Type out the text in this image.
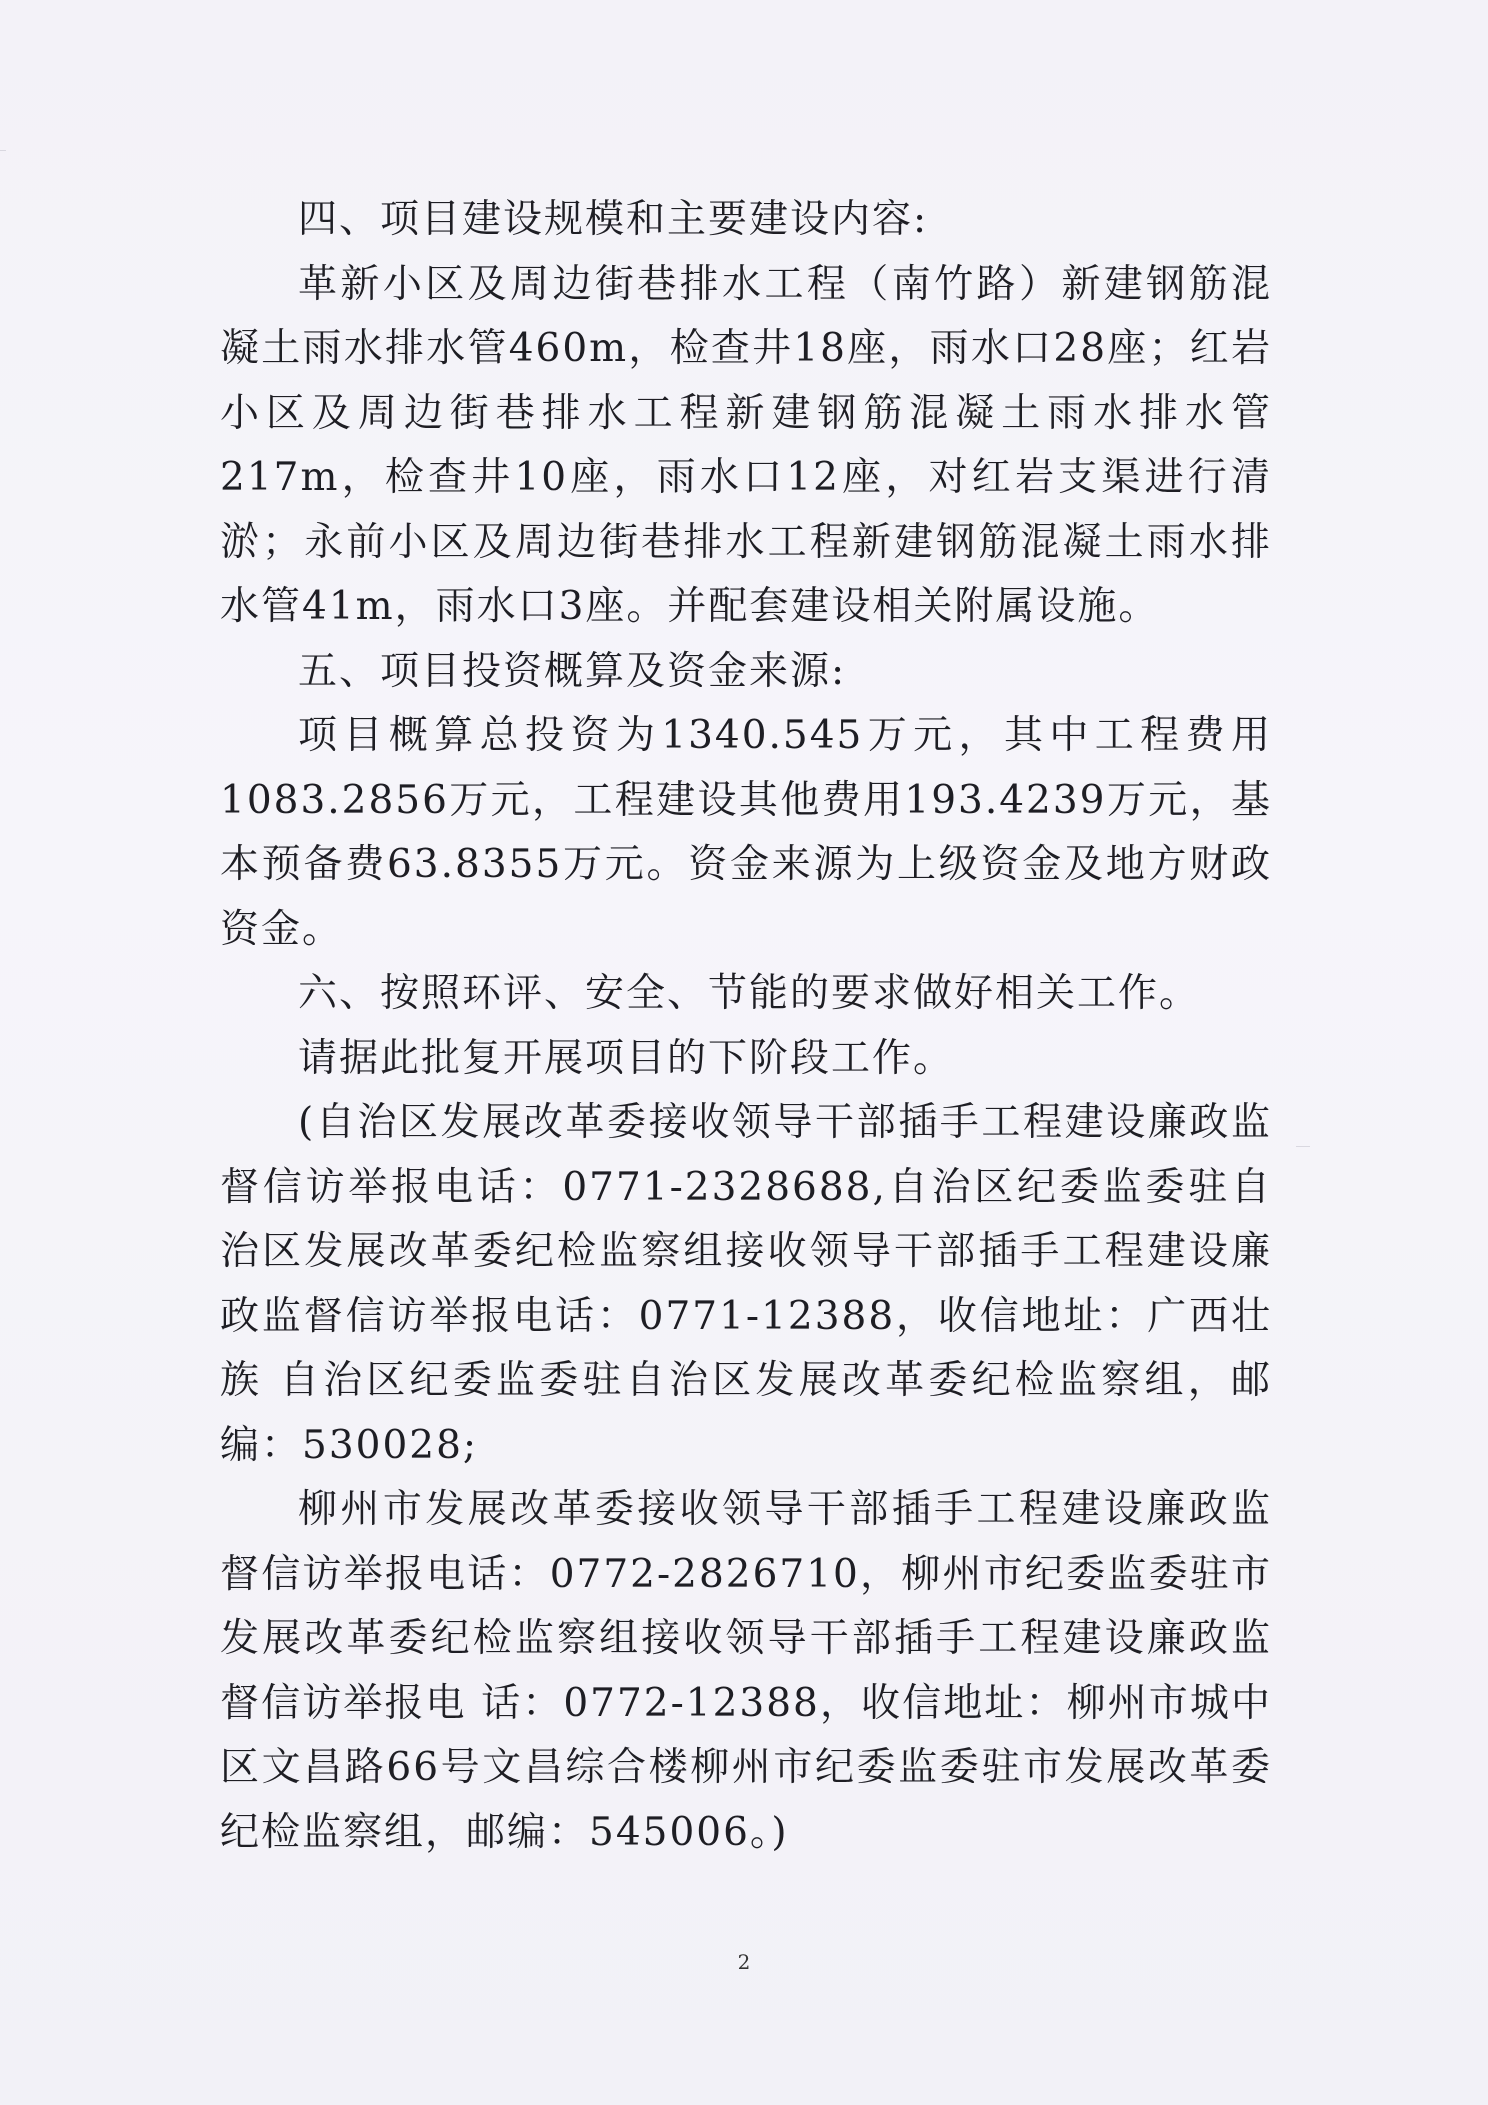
四、项目建设规模和主要建设内容:

革新小区及周边街巷排水工程（南竹路）新建钢筋混凝土雨水排水管460m，检查井18座，雨水口28座；红岩小区及周边街巷排水工程新建钢筋混凝土雨水排水管217m，检查井10座，雨水口12座，对红岩支渠进行清淤；永前小区及周边街巷排水工程新建钢筋混凝土雨水排水管41m，雨水口3座。并配套建设相关附属设施。

五、项目投资概算及资金来源:

项目概算总投资为1340.545万元，其中工程费用1083.2856万元，工程建设其他费用193.4239万元，基本预备费63.8355万元。资金来源为上级资金及地方财政资金。

六、按照环评、安全、节能的要求做好相关工作。

请据此批复开展项目的下阶段工作。

(自治区发展改革委接收领导干部插手工程建设廉政监督信访举报电话：0771-2328688,自治区纪委监委驻自治区发展改革委纪检监察组接收领导干部插手工程建设廉政监督信访举报电话：0771-12388，收信地址：广西壮族 自治区纪委监委驻自治区发展改革委纪检监察组，邮编：530028;

柳州市发展改革委接收领导干部插手工程建设廉政监督信访举报电话：0772-2826710，柳州市纪委监委驻市发展改革委纪检监察组接收领导干部插手工程建设廉政监督信访举报电 话：0772-12388，收信地址：柳州市城中区文昌路66号文昌综合楼柳州市纪委监委驻市发展改革委纪检监察组，邮编：545006。)

2
